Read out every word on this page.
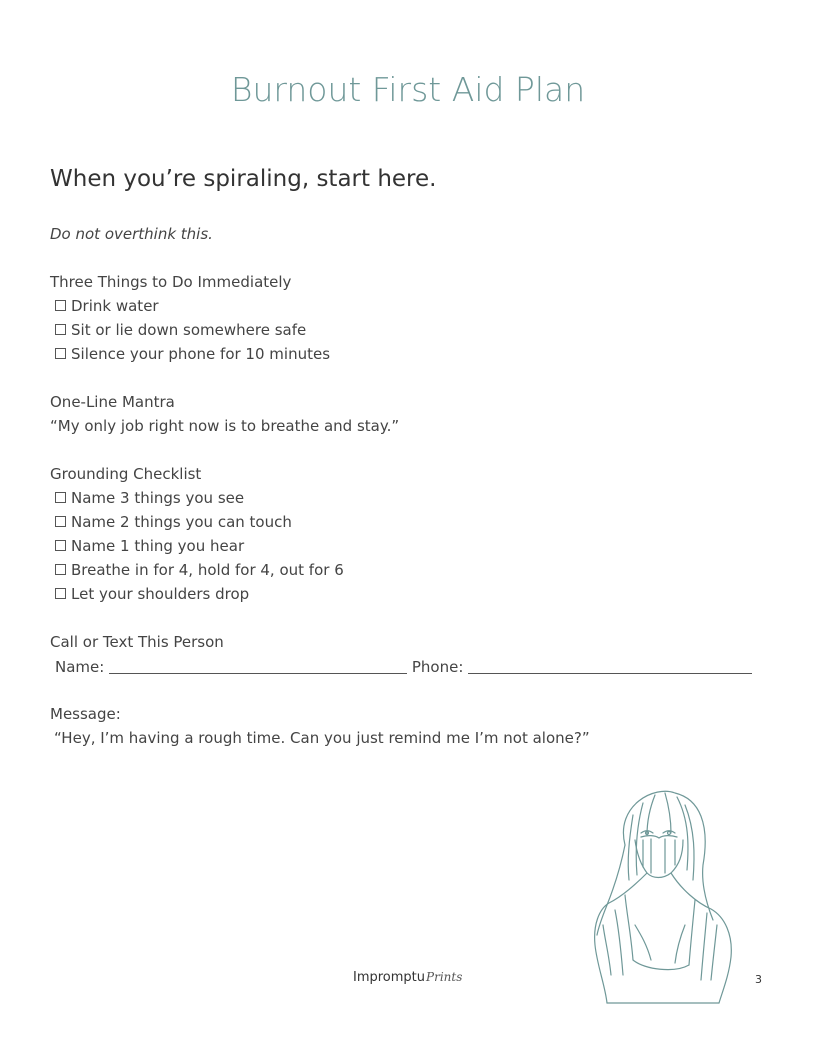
Burnout First Aid Plan
When you’re spiraling, start here.
Do not overthink this.
Three Things to Do Immediately
Drink water
Sit or lie down somewhere safe
Silence your phone for 10 minutes
One-Line Mantra
“My only job right now is to breathe and stay.”
Grounding Checklist
Name 3 things you see
Name 2 things you can touch
Name 1 thing you hear
Breathe in for 4, hold for 4, out for 6
Let your shoulders drop
Call or Text This Person
Name:	Phone:
Message:
“Hey, I’m having a rough time. Can you just remind me I’m not alone?”
ImpromptuPrints	3
